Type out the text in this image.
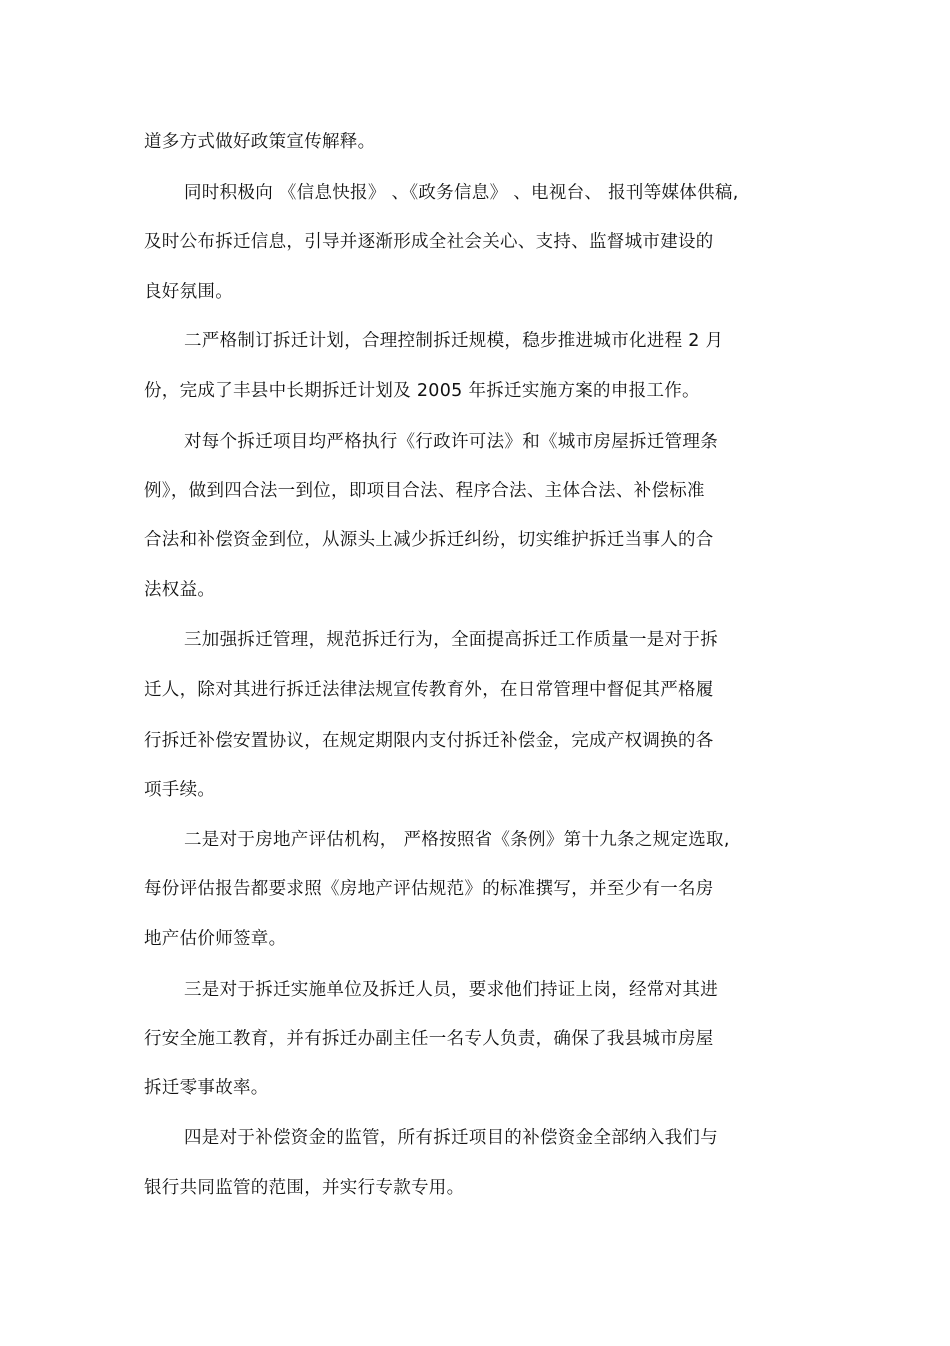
道多方式做好政策宣传解释。
同时积极向 《信息快报》 、《政务信息》 、电视台、 报刊等媒体供稿,
及时公布拆迁信息，引导并逐渐形成全社会关心、支持、监督城市建设的
良好氛围。
二严格制订拆迁计划，合理控制拆迁规模，稳步推进城市化进程 2 月
份，完成了丰县中长期拆迁计划及 2005 年拆迁实施方案的申报工作。
对每个拆迁项目均严格执行《行政许可法》和《城市房屋拆迁管理条
例》，做到四合法一到位，即项目合法、程序合法、主体合法、补偿标准
合法和补偿资金到位，从源头上减少拆迁纠纷，切实维护拆迁当事人的合
法权益。
三加强拆迁管理，规范拆迁行为，全面提高拆迁工作质量一是对于拆
迁人，除对其进行拆迁法律法规宣传教育外，在日常管理中督促其严格履
行拆迁补偿安置协议，在规定期限内支付拆迁补偿金，完成产权调换的各
项手续。
二是对于房地产评估机构， 严格按照省《条例》第十九条之规定选取,
每份评估报告都要求照《房地产评估规范》的标准撰写，并至少有一名房
地产估价师签章。
三是对于拆迁实施单位及拆迁人员，要求他们持证上岗，经常对其进
行安全施工教育，并有拆迁办副主任一名专人负责，确保了我县城市房屋
拆迁零事故率。
四是对于补偿资金的监管，所有拆迁项目的补偿资金全部纳入我们与
银行共同监管的范围，并实行专款专用。
